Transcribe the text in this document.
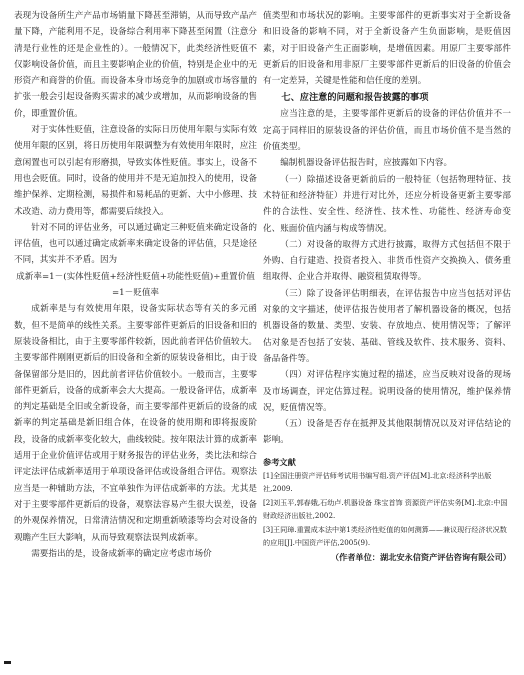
表现为设备所生产产品市场销量下降甚至滞销，从而导致产品产量下降，产能利用不足，设备综合利用率下降甚至闲置（注意分清是行业性的还是企业性的）。一般情况下，此类经济性贬值不仅影响设备价值，而且主要影响企业的价值，特别是企业中的无形资产和商誉的价值。而设备本身市场竞争的加剧或市场容量的扩张一般会引起设备购买需求的减少或增加，从而影响设备的售价，即重置价值。

对于实体性贬值，注意设备的实际日历使用年限与实际有效使用年限的区别，将日历使用年限调整为有效使用年限时，应注意闲置也可以引起有形磨损，导致实体性贬值。事实上，设备不用也会贬值。同时，设备的使用并不是无追加投入的使用，设备维护保养、定期检测，易损件和易耗品的更新、大中小修理、技术改造、动力费用等，都需要后续投入。

针对不同的评估业务，可以通过确定三种贬值来确定设备的评估值，也可以通过确定成新率来确定设备的评估值，只是途径不同，其实并不矛盾。因为

成新率=1－(实体性贬值+经济性贬值+功能性贬值)÷重置价值=1－贬值率

成新率是与有效使用年限，设备实际状态等有关的多元函数，但不是简单的线性关系。主要零部件更新后的旧设备和旧的原装设备相比，由于主要零部件较新，因此前者评估价值较大。主要零部件刚刚更新后的旧设备和全新的原装设备相比，由于设备保留部分是旧的，因此前者评估价值较小。一般而言，主要零部件更新后，设备的成新率会大大提高。一般设备评估，成新率的判定基础是全旧或全新设备，而主要零部件更新后的设备的成新率的判定基础是新旧组合体，在设备的使用期和即将报废阶段，设备的成新率变化较大，曲线较陡。按年限法计算的成新率适用于企业价值评估或用于财务报告的评估业务，类比法和综合评定法评估成新率适用于单项设备评估或设备组合评估。观察法应当是一种辅助方法，不宜单独作为评估成新率的方法。尤其是对于主要零部件更新后的设备，观察法容易产生很大误差，设备的外观保养情况，日常清洁情况和定期重新喷漆等均会对设备的观瞻产生巨大影响，从而导致观察法误判成新率。

需要指出的是，设备成新率的确定应考虑市场价

值类型和市场状况的影响。主要零部件的更新事实对于全新设备和旧设备的影响不同，对于全新设备产生负面影响，是贬值因素，对于旧设备产生正面影响，是增值因素。用原厂主要零部件更新后的旧设备和用非原厂主要零部件更新后的旧设备的价值会有一定差异，关键是性能和信任度的差别。

七、应注意的问题和报告披露的事项

应当注意的是，主要零部件更新后的设备的评估价值并不一定高于同样旧的原装设备的评估价值，而且市场价值不是当然的价值类型。

编制机器设备评估报告时，应披露如下内容。

（一）除描述设备更新前后的一般特征（包括物理特征、技术特征和经济特征）并进行对比外，还应分析设备更新主要零部件的合法性、安全性、经济性、技术性、功能性、经济寿命变化、账面价值内涵与构成等情况。

（二）对设备的取得方式进行披露，取得方式包括但不限于外购、自行建造、投资者投入、非货币性资产交换换入、债务重组取得、企业合并取得、融资租赁取得等。

（三）除了设备评估明细表，在评估报告中应当包括对评估对象的文字描述，使评估报告使用者了解机器设备的概况，包括机器设备的数量、类型、安装、存放地点、使用情况等；了解评估对象是否包括了安装、基础、管线及软件、技术服务、资料、备品备件等。

（四）对评估程序实施过程的描述，应当反映对设备的现场及市场调查，评定估算过程。说明设备的使用情况，维护保养情况，贬值情况等。

（五）设备是否存在抵押及其他限制情况以及对评估结论的影响。

参考文献

[1]全国注册资产评估师考试用书编写组.资产评估[M].北京:经济科学出版社,2009.

[2]刘玉平,郭春娥,石幼卢.机器设备 珠宝首饰 资源资产评估实务[M].北京:中国财政经济出版社,2002.

[3]王同璋.重置成本法中第1类经济性贬值的如何测算——兼议现行经济状况数的应用[J].中国资产评估,2005(9).

（作者单位：湖北安永信资产评估咨询有限公司）
